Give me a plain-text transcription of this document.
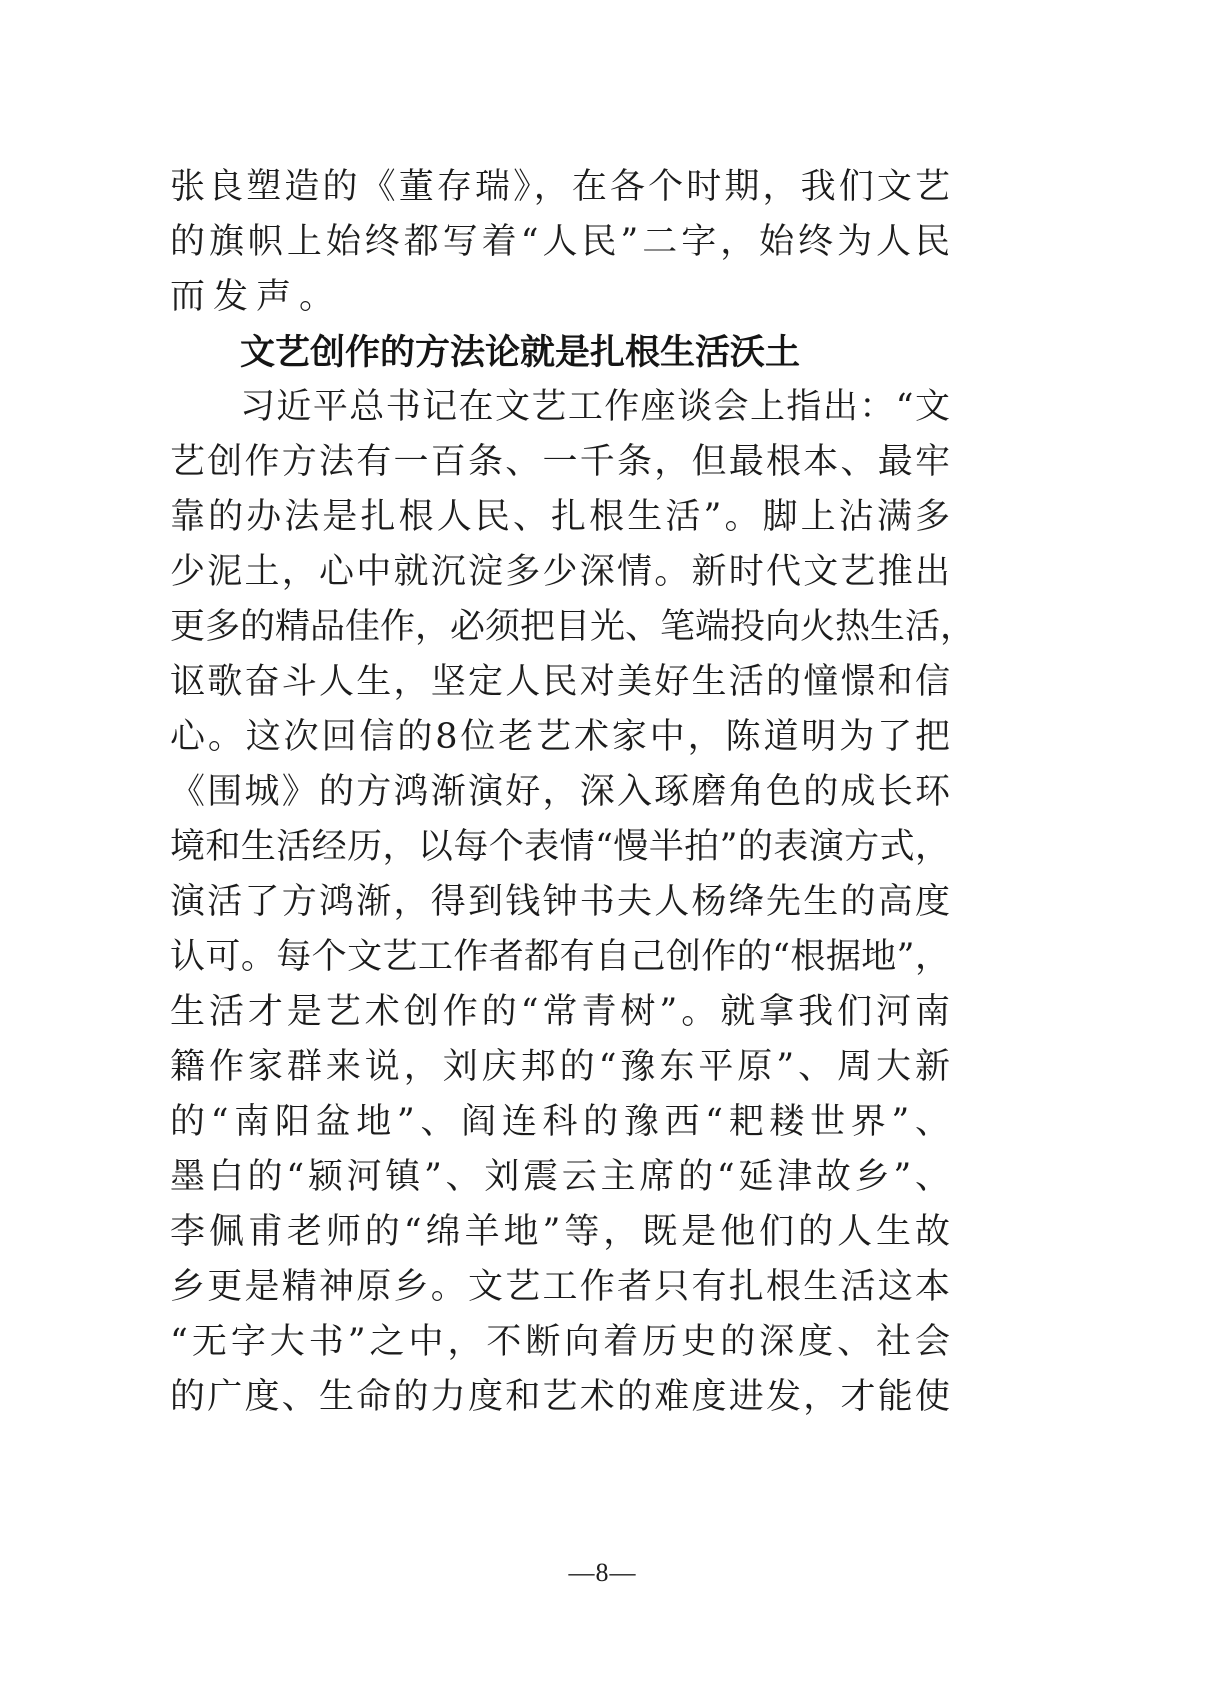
张良塑造的《董存瑞》，在各个时期，我们文艺
的旗帜上始终都写着“人民”二字，始终为人民
而发声。
文艺创作的方法论就是扎根生活沃土
习近平总书记在文艺工作座谈会上指出：“文
艺创作方法有一百条、一千条，但最根本、最牢
靠的办法是扎根人民、扎根生活”。脚上沾满多
少泥土，心中就沉淀多少深情。新时代文艺推出
更多的精品佳作，必须把目光、笔端投向火热生活，
讴歌奋斗人生，坚定人民对美好生活的憧憬和信
心。这次回信的8位老艺术家中，陈道明为了把
《围城》的方鸿渐演好，深入琢磨角色的成长环
境和生活经历，以每个表情“慢半拍”的表演方式，
演活了方鸿渐，得到钱钟书夫人杨绛先生的高度
认可。每个文艺工作者都有自己创作的“根据地”，
生活才是艺术创作的“常青树”。就拿我们河南
籍作家群来说，刘庆邦的“豫东平原”、周大新
的“南阳盆地”、阎连科的豫西“耙耧世界”、
墨白的“颍河镇”、刘震云主席的“延津故乡”、
李佩甫老师的“绵羊地”等，既是他们的人生故
乡更是精神原乡。文艺工作者只有扎根生活这本
“无字大书”之中，不断向着历史的深度、社会
的广度、生命的力度和艺术的难度进发，才能使
—8—
